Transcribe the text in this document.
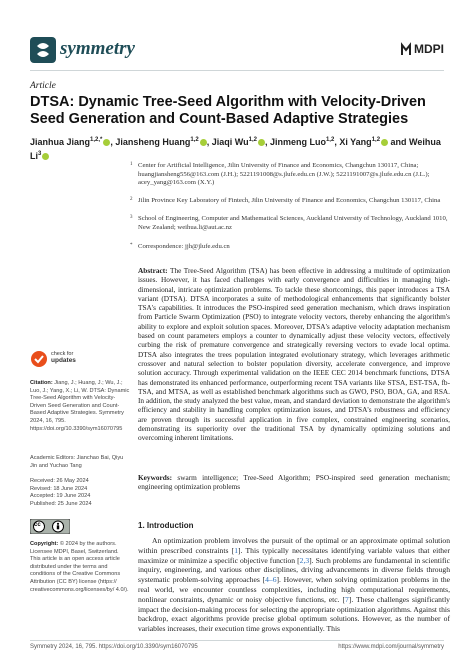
symmetry	MDPI
Article
DTSA: Dynamic Tree-Seed Algorithm with Velocity-Driven Seed Generation and Count-Based Adaptive Strategies
Jianhua Jiang$^{1,2,*}$ , Jiansheng Huang$^{1,2}$ , Jiaqi Wu$^{1,2}$ , Jinmeng Luo$^{1,2}$, Xi Yang$^{1,2}$ and Weihua Li$^3$
1 Center for Artificial Intelligence, Jilin University of Finance and Economics, Changchun 130117, China; huangjiansheng556@163.com (J.H.); 5221191008@s.jlufe.edu.cn (J.W.); 5221191007@s.jlufe.edu.cn (J.L.); acey_yang@163.com (X.Y.)
2 Jilin Province Key Laboratory of Fintech, Jilin University of Finance and Economics, Changchun 130117, China
3 School of Engineering, Computer and Mathematical Sciences, Auckland University of Technology, Auckland 1010, New Zealand; weihua.li@aut.ac.nz
* Correspondence: jjh@jlufe.edu.cn
Abstract: The Tree-Seed Algorithm (TSA) has been effective in addressing a multitude of optimization issues. However, it has faced challenges with early convergence and difficulties in managing high-dimensional, intricate optimization problems. To tackle these shortcomings, this paper introduces a TSA variant (DTSA). DTSA incorporates a suite of methodological enhancements that significantly bolster TSA's capabilities. It introduces the PSO-inspired seed generation mechanism, which draws inspiration from Particle Swarm Optimization (PSO) to integrate velocity vectors, thereby enhancing the algorithm's ability to explore and exploit solution spaces. Moreover, DTSA's adaptive velocity adaptation mechanism based on count parameters employs a counter to dynamically adjust these velocity vectors, effectively curbing the risk of premature convergence and strategically reversing vectors to evade local optima. DTSA also integrates the trees population integrated evolutionary strategy, which leverages arithmetic crossover and natural selection to bolster population diversity, accelerate convergence, and improve solution accuracy. Through experimental validation on the IEEE CEC 2014 benchmark functions, DTSA has demonstrated its enhanced performance, outperforming recent TSA variants like STSA, EST-TSA, fb-TSA, and MTSA, as well as established benchmark algorithms such as GWO, PSO, BOA, GA, and RSA. In addition, the study analyzed the best value, mean, and standard deviation to demonstrate the algorithm's efficiency and stability in handling complex optimization issues, and DTSA's robustness and efficiency are proven through its successful application in five complex, constrained engineering scenarios, demonstrating its superiority over the traditional TSA by dynamically optimizing solutions and overcoming inherent limitations.
Keywords: swarm intelligence; Tree-Seed Algorithm; PSO-inspired seed generation mechanism; engineering optimization problems
check for
updates
Citation: Jiang, J.; Huang, J.; Wu, J.; Luo, J.; Yang, X.; Li, W. DTSA: Dynamic Tree-Seed Algorithm with Velocity-Driven Seed Generation and Count-Based Adaptive Strategies. Symmetry 2024, 16, 795. https://doi.org/10.3390/sym16070795
Academic Editors: Jianchao Bai, Qiyu Jin and Yuchao Tang
Received: 26 May 2024
Revised: 18 June 2024
Accepted: 19 June 2024
Published: 25 June 2024
cc
Copyright: © 2024 by the authors. Licensee MDPI, Basel, Switzerland. This article is an open access article distributed under the terms and conditions of the Creative Commons Attribution (CC BY) license (https:// creativecommons.org/licenses/by/ 4.0/).
1. Introduction
An optimization problem involves the pursuit of the optimal or an approximate optimal solution within prescribed constraints [1]. This typically necessitates identifying variable values that either maximize or minimize a specific objective function [2,3]. Such problems are fundamental in scientific inquiry, engineering, and various other disciplines, driving advancements in diverse fields through systematic problem-solving approaches [4–6]. However, when solving optimization problems in the real world, we encounter countless complexities, including high computational requirements, nonlinear constraints, dynamic or noisy objective functions, etc. [7]. These challenges significantly impact the decision-making process for selecting the appropriate optimization algorithms. Against this backdrop, exact algorithms provide precise global optimum solutions. However, as the number of variables increases, their execution time grows exponentially. This
Symmetry 2024, 16, 795. https://doi.org/10.3390/sym16070795	https://www.mdpi.com/journal/symmetry
